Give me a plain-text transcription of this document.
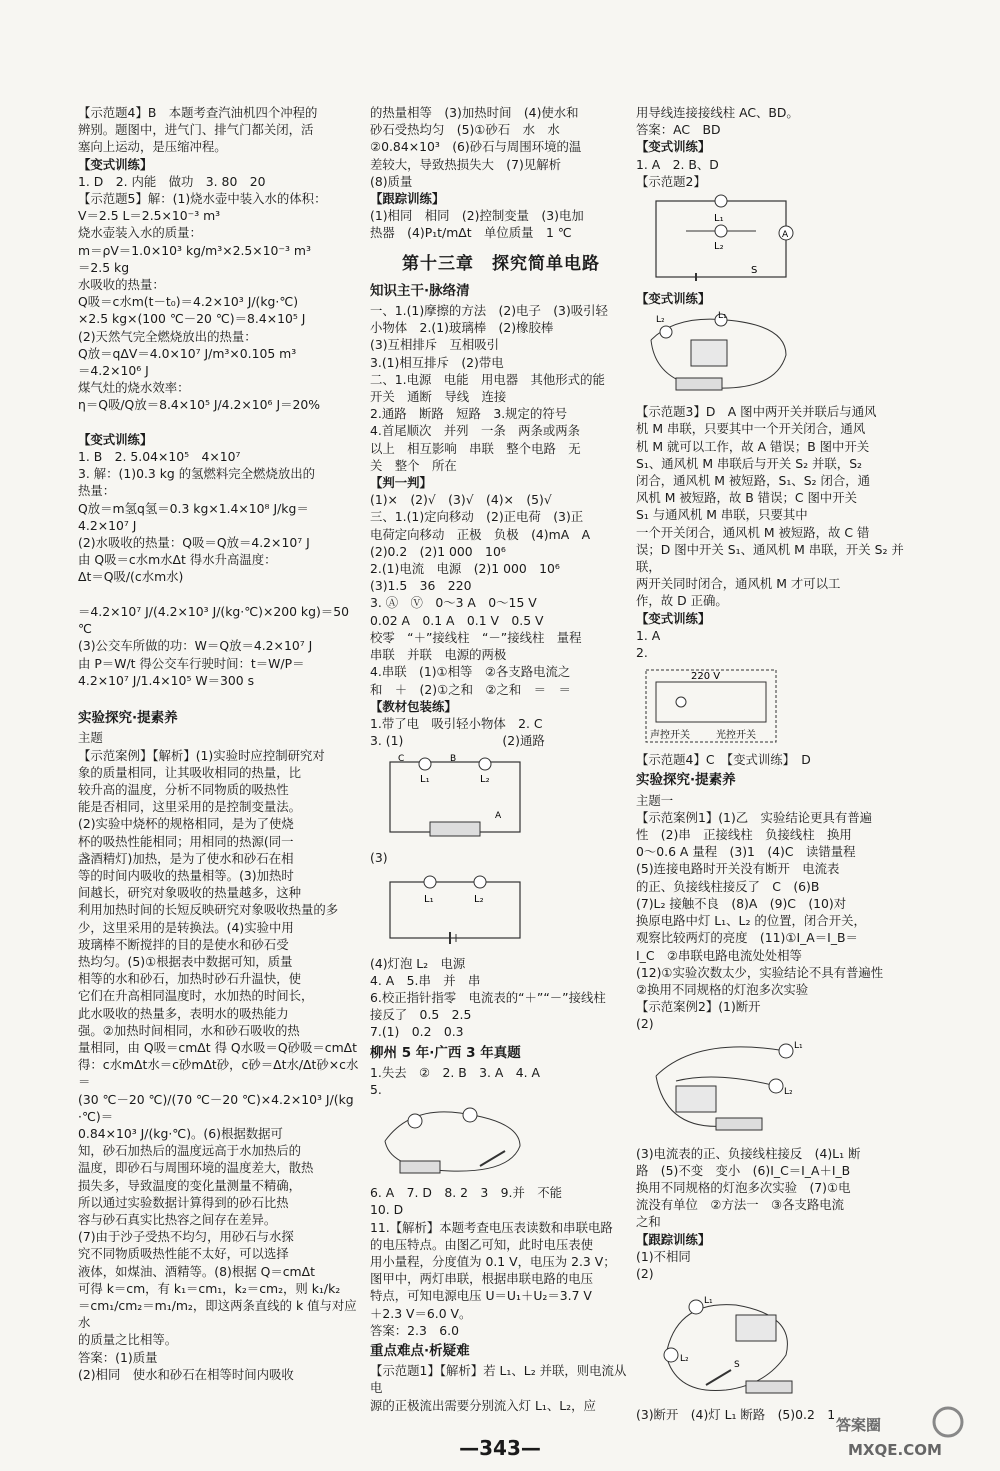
【示范题4】B　本题考查汽油机四个冲程的

辨别。题图中，进气门、排气门都关闭，活

塞向上运动，是压缩冲程。

【变式训练】

1. D　2. 内能　做功　3. 80　20

【示范题5】解：(1)烧水壶中装入水的体积：

V＝2.5 L＝2.5×10⁻³ m³

烧水壶装入水的质量：

m＝ρV＝1.0×10³ kg/m³×2.5×10⁻³ m³

＝2.5 kg

水吸收的热量：

Q吸＝c水m(t－t₀)＝4.2×10³ J/(kg·℃)

×2.5 kg×(100 ℃－20 ℃)＝8.4×10⁵ J

(2)天然气完全燃烧放出的热量：

Q放＝qΔV＝4.0×10⁷ J/m³×0.105 m³

＝4.2×10⁶ J

煤气灶的烧水效率：

η＝Q吸/Q放＝8.4×10⁵ J/4.2×10⁶ J＝20%

【变式训练】

1. B　2. 5.04×10⁵　4×10⁷

3. 解：(1)0.3 kg 的氢燃料完全燃烧放出的

热量：

Q放＝m氢q氢＝0.3 kg×1.4×10⁸ J/kg＝

4.2×10⁷ J

(2)水吸收的热量：Q吸＝Q放＝4.2×10⁷ J

由 Q吸＝c水m水Δt 得水升高温度：

Δt＝Q吸/(c水m水)

＝4.2×10⁷ J/(4.2×10³ J/(kg·℃)×200 kg)＝50 ℃

(3)公交车所做的功：W＝Q放＝4.2×10⁷ J

由 P＝W/t 得公交车行驶时间：t＝W/P＝

4.2×10⁷ J/1.4×10⁵ W＝300 s

实验探究·提素养

主题

【示范案例】【解析】(1)实验时应控制研究对

象的质量相同，让其吸收相同的热量，比

较升高的温度，分析不同物质的吸热性

能是否相同，这里采用的是控制变量法。

(2)实验中烧杯的规格相同，是为了使烧

杯的吸热性能相同；用相同的热源(同一

盏酒精灯)加热，是为了使水和砂石在相

等的时间内吸收的热量相等。(3)加热时

间越长，研究对象吸收的热量越多，这种

利用加热时间的长短反映研究对象吸收热量的多

少，这里采用的是转换法。(4)实验中用

玻璃棒不断搅拌的目的是使水和砂石受

热均匀。(5)①根据表中数据可知，质量

相等的水和砂石，加热时砂石升温快，使

它们在升高相同温度时，水加热的时间长，

此水吸收的热量多，表明水的吸热能力

强。②加热时间相同，水和砂石吸收的热

量相同，由 Q吸＝cmΔt 得 Q水吸＝Q砂吸＝cmΔt

得：c水mΔt水＝c砂mΔt砂，c砂＝Δt水/Δt砂×c水＝

(30 ℃－20 ℃)/(70 ℃－20 ℃)×4.2×10³ J/(kg·℃)＝

0.84×10³ J/(kg·℃)。(6)根据数据可

知，砂石加热后的温度远高于水加热后的

温度，即砂石与周围环境的温度差大，散热

损失多，导致温度的变化量测量不精确，

所以通过实验数据计算得到的砂石比热

容与砂石真实比热容之间存在差异。

(7)由于沙子受热不均匀，用砂石与水探

究不同物质吸热性能不太好，可以选择

液体，如煤油、酒精等。(8)根据 Q＝cmΔt

可得 k＝cm，有 k₁＝cm₁，k₂＝cm₂，则 k₁/k₂

＝cm₁/cm₂＝m₁/m₂，即这两条直线的 k 值与对应水

的质量之比相等。

答案：(1)质量

(2)相同　使水和砂石在相等时间内吸收

的热量相等　(3)加热时间　(4)使水和

砂石受热均匀　(5)①砂石　水　水

②0.84×10³　(6)砂石与周围环境的温

差较大，导致热损失大　(7)见解析

(8)质量

【跟踪训练】

(1)相同　相同　(2)控制变量　(3)电加

热器　(4)P₁t/mΔt　单位质量　1 ℃

第十三章　探究简单电路

知识主干·脉络清

一、1.(1)摩擦的方法　(2)电子　(3)吸引轻

小物体　2.(1)玻璃棒　(2)橡胶棒

(3)互相排斥　互相吸引

3.(1)相互排斥　(2)带电

二、1.电源　电能　用电器　其他形式的能

开关　通断　导线　连接

2.通路　断路　短路　3.规定的符号

4.首尾顺次　并列　一条　两条或两条

以上　相互影响　串联　整个电路　无

关　整个　所在

【判一判】

(1)×　(2)√　(3)√　(4)×　(5)√

三、1.(1)定向移动　(2)正电荷　(3)正

电荷定向移动　正极　负极　(4)mA　A

(2)0.2　(2)1 000　10⁶

2.(1)电流　电源　(2)1 000　10⁶

(3)1.5　36　220

3. Ⓐ　Ⓥ　0～3 A　0～15 V

0.02 A　0.1 A　0.1 V　0.5 V

校零　“＋”接线柱　“－”接线柱　量程

串联　并联　电源的两极

4.串联　(1)①相等　②各支路电流之

和　＋　(2)①之和　②之和　＝　＝

【教材包装练】

1.带了电　吸引轻小物体　2. C

3. (1)　　　　　　　　(2)通路

L₁	L₂
C	B
A

(3)

L₁	L₂

(4)灯泡 L₂　电源

4. A　5.串　并　串

6.校正指针指零　电流表的“＋”“－”接线柱

接反了　0.5　2.5

7.(1)　0.2　0.3　

柳州 5 年·广西 3 年真题

1.失去　②　2. B　3. A　4. A

5.

6. A　7. D　8. 2　3　9.并　不能

10. D

11.【解析】本题考查电压表读数和串联电路

的电压特点。由图乙可知，此时电压表使

用小量程，分度值为 0.1 V，电压为 2.3 V；

图甲中，两灯串联，根据串联电路的电压

特点，可知电源电压 U＝U₁＋U₂＝3.7 V

＋2.3 V＝6.0 V。

答案：2.3　6.0

重点难点·析疑难

【示范题1】【解析】若 L₁、L₂ 并联，则电流从电

源的正极流出需要分别流入灯 L₁、L₂，应

用导线连接接线柱 AC、BD。

答案：AC　BD

【变式训练】

1. A　2. B、D

【示范题2】

L₁
L₂
S
A

【变式训练】

L₂	L₁

【示范题3】D　A 图中两开关并联后与通风

机 M 串联，只要其中一个开关闭合，通风

机 M 就可以工作，故 A 错误；B 图中开关

S₁、通风机 M 串联后与开关 S₂ 并联，S₂

闭合，通风机 M 被短路，S₁、S₂ 闭合，通

风机 M 被短路，故 B 错误；C 图中开关

S₁ 与通风机 M 串联，只要其中

一个开关闭合，通风机 M 被短路，故 C 错

误；D 图中开关 S₁、通风机 M 串联，开关 S₂ 并联，

两开关同时闭合，通风机 M 才可以工

作，故 D 正确。

【变式训练】

1. A

2.

220 V
声控开关	光控开关

【示范题4】C　【变式训练】　D

实验探究·提素养

主题一

【示范案例1】(1)乙　实验结论更具有普遍

性　(2)串　正接线柱　负接线柱　换用

0～0.6 A 量程　(3)1　(4)C　读错量程

(5)连接电路时开关没有断开　电流表

的正、负接线柱接反了　C　(6)B

(7)L₂ 接触不良　(8)A　(9)C　(10)对

换原电路中灯 L₁、L₂ 的位置，闭合开关，

观察比较两灯的亮度　(11)①I_A＝I_B＝

I_C　②串联电路电流处处相等

(12)①实验次数太少，实验结论不具有普遍性

②换用不同规格的灯泡多次实验

【示范案例2】(1)断开

(2)

L₁
L₂

(3)电流表的正、负接线柱接反　(4)L₁ 断

路　(5)不变　变小　(6)I_C＝I_A＋I_B

换用不同规格的灯泡多次实验　(7)①电

流没有单位　②方法一　③各支路电流

之和

【跟踪训练】

(1)不相同

(2)

L₁
L₂
S

(3)断开　(4)灯 L₁ 断路　(5)0.2　1

—343—
答案圈
MXQE.COM
